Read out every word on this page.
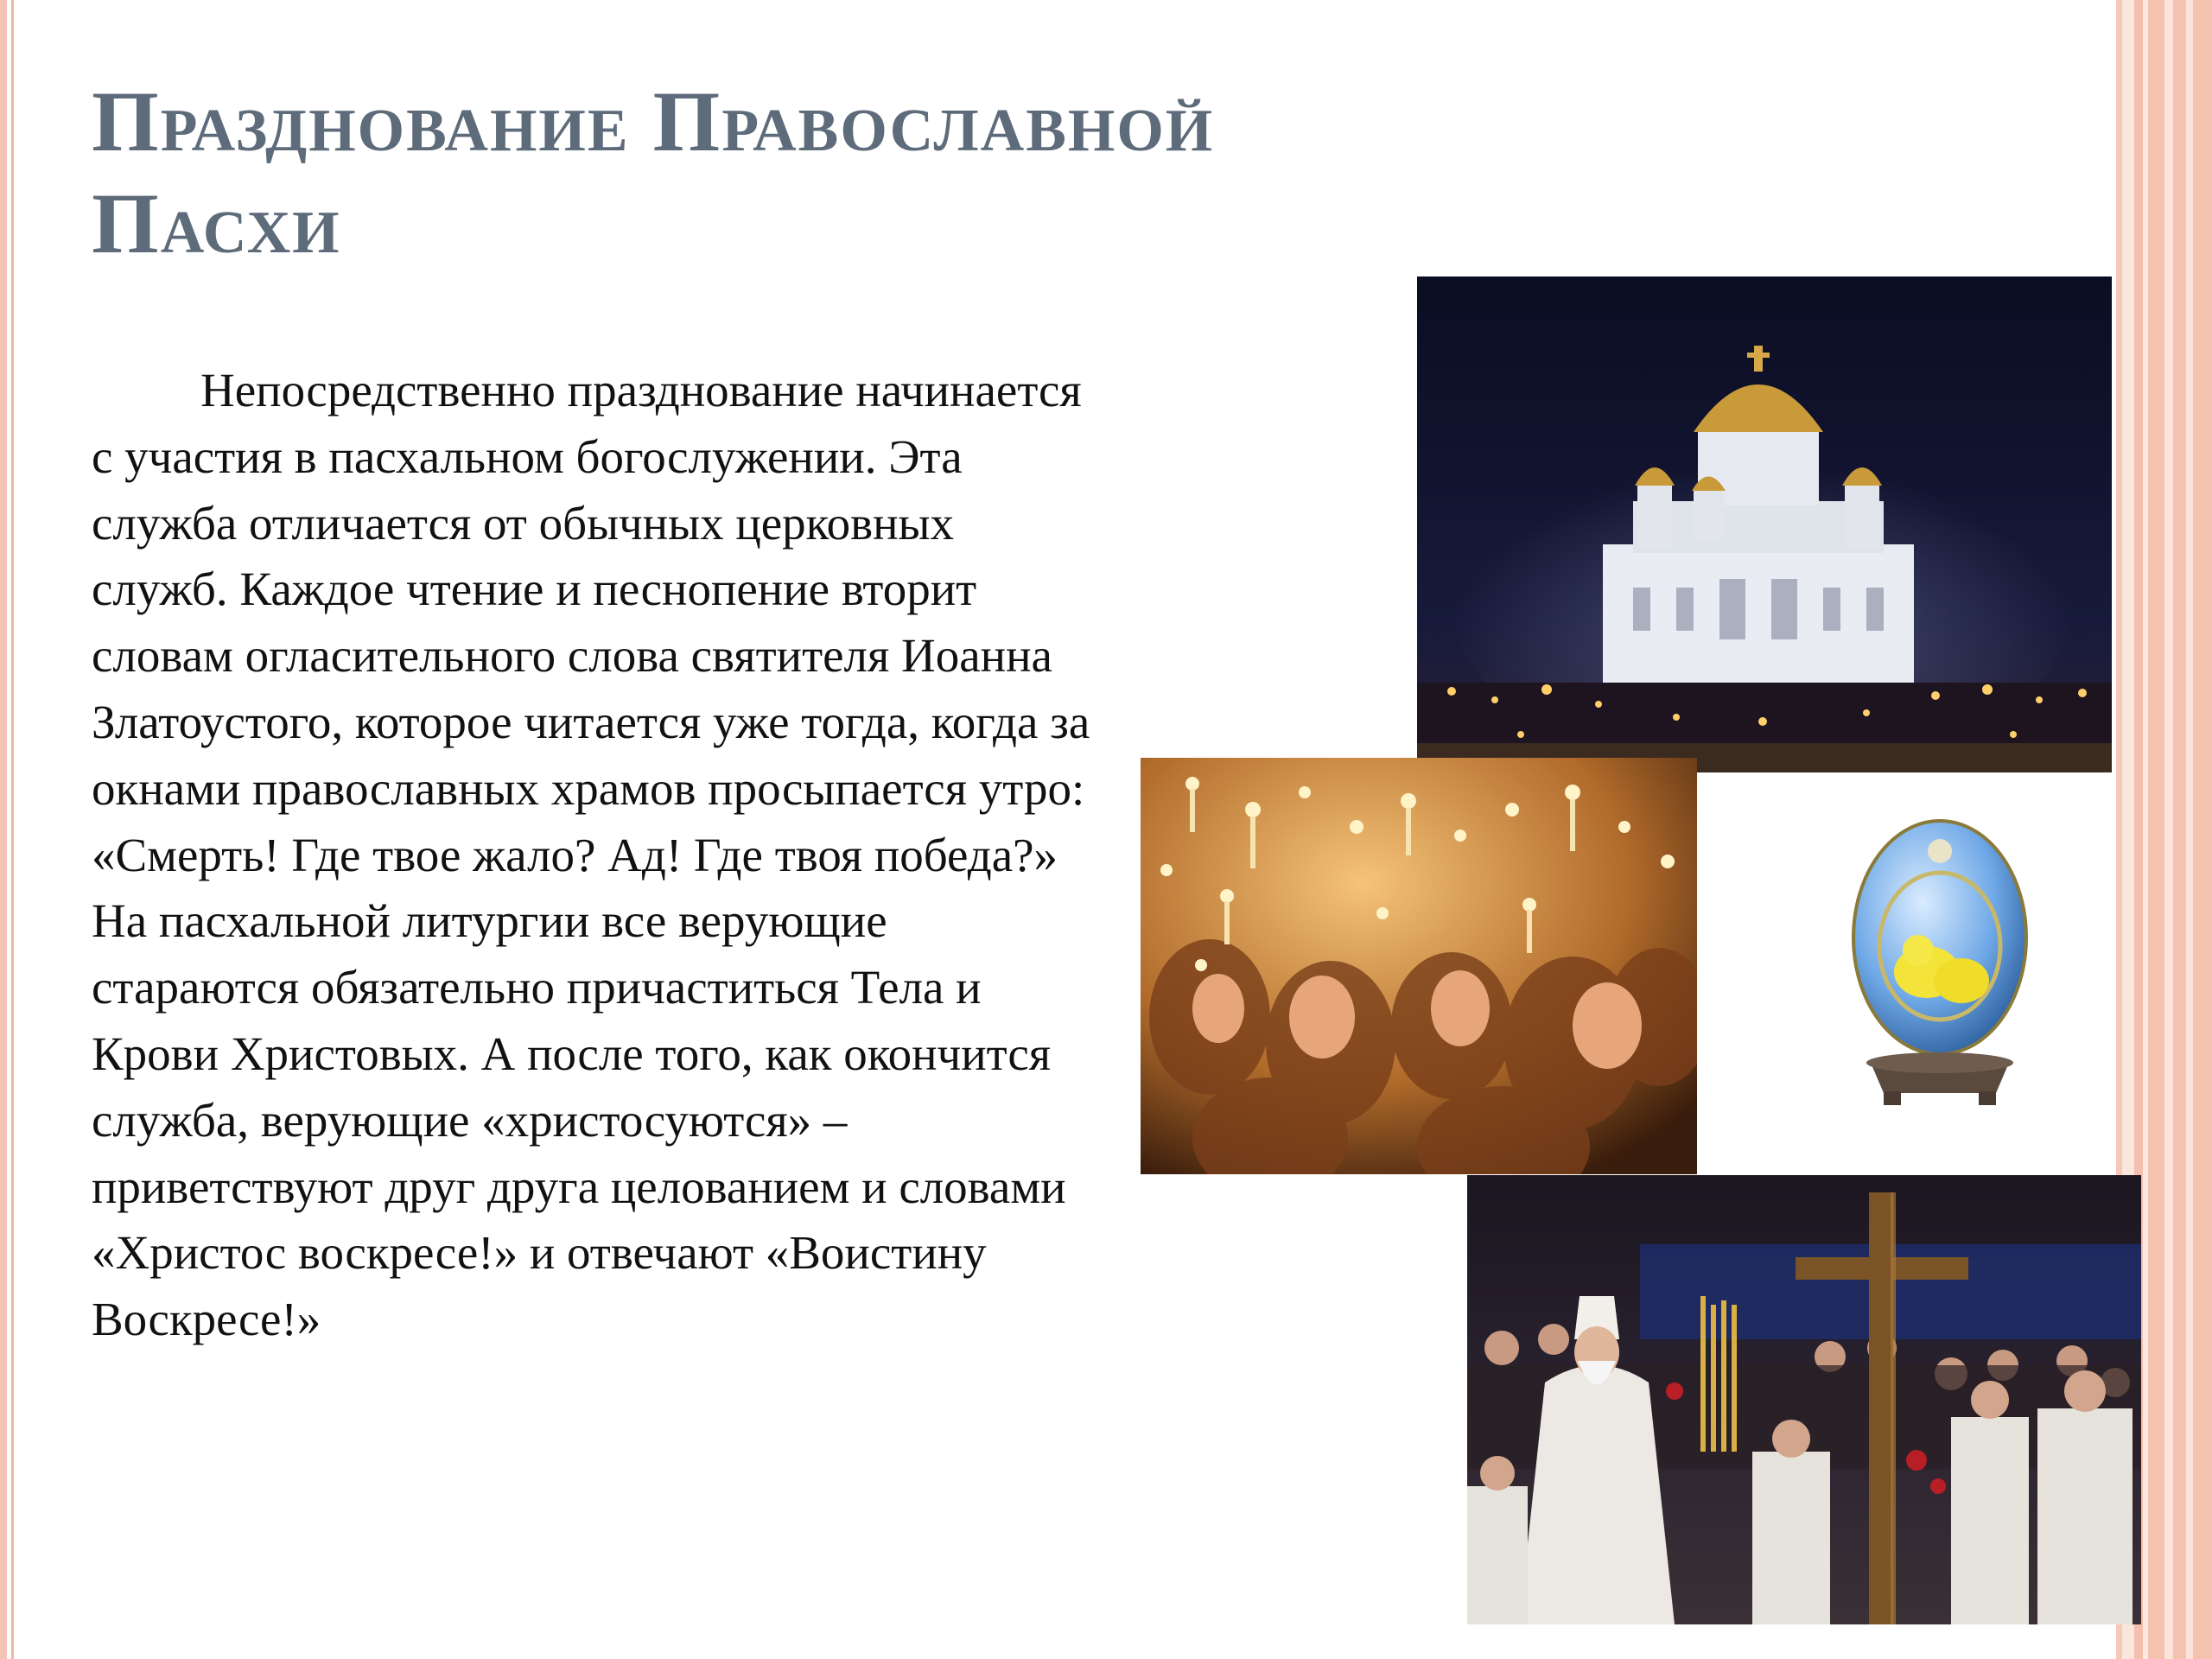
Празднование Православной Пасхи

Непосредственно празднование начинается с участия в пасхальном богослужении. Эта служба отличается от обычных церковных служб. Каждое чтение и песнопение вторит словам огласительного слова святителя Иоанна Златоустого, которое читается уже тогда, когда за окнами православных храмов просыпается утро: «Смерть! Где твое жало? Ад! Где твоя победа?» На пасхальной литургии все верующие стараются обязательно причаститься Тела и Крови Христовых. А после того, как окончится служба, верующие «христосуются» – приветствуют друг друга целованием и словами «Христос воскресе!» и отвечают «Воистину Воскресе!»
